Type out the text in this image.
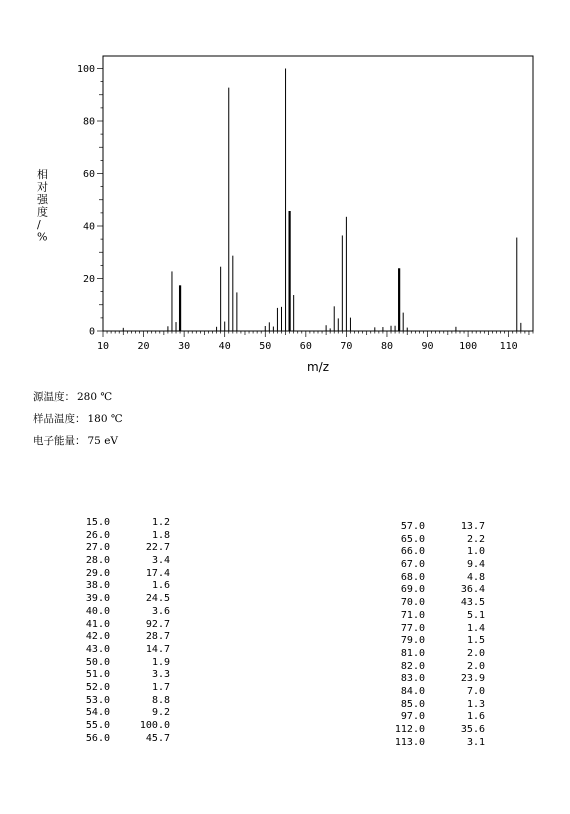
10	20	30	40	50	60	70	80	90	100 110
0
20
40
60
80
100
m/z
相对强度/ %
源温度： 280 ℃
样品温度： 180 ℃
电子能量： 75 eV
15.0	1.2
26.0	1.8
27.0	22.7
28.0	3.4
29.0	17.4
38.0	1.6
39.0	24.5
40.0	3.6
41.0	92.7
42.0	28.7
43.0	14.7
50.0	1.9
51.0	3.3
52.0	1.7
53.0	8.8
54.0	9.2
55.0	100.0
56.0	45.7
57.0	13.7
65.0	2.2
66.0	1.0
67.0	9.4
68.0	4.8
69.0	36.4
70.0	43.5
71.0	5.1
77.0	1.4
79.0	1.5
81.0	2.0
82.0	2.0
83.0	23.9
84.0	7.0
85.0	1.3
97.0	1.6
112.0	35.6
113.0	3.1
